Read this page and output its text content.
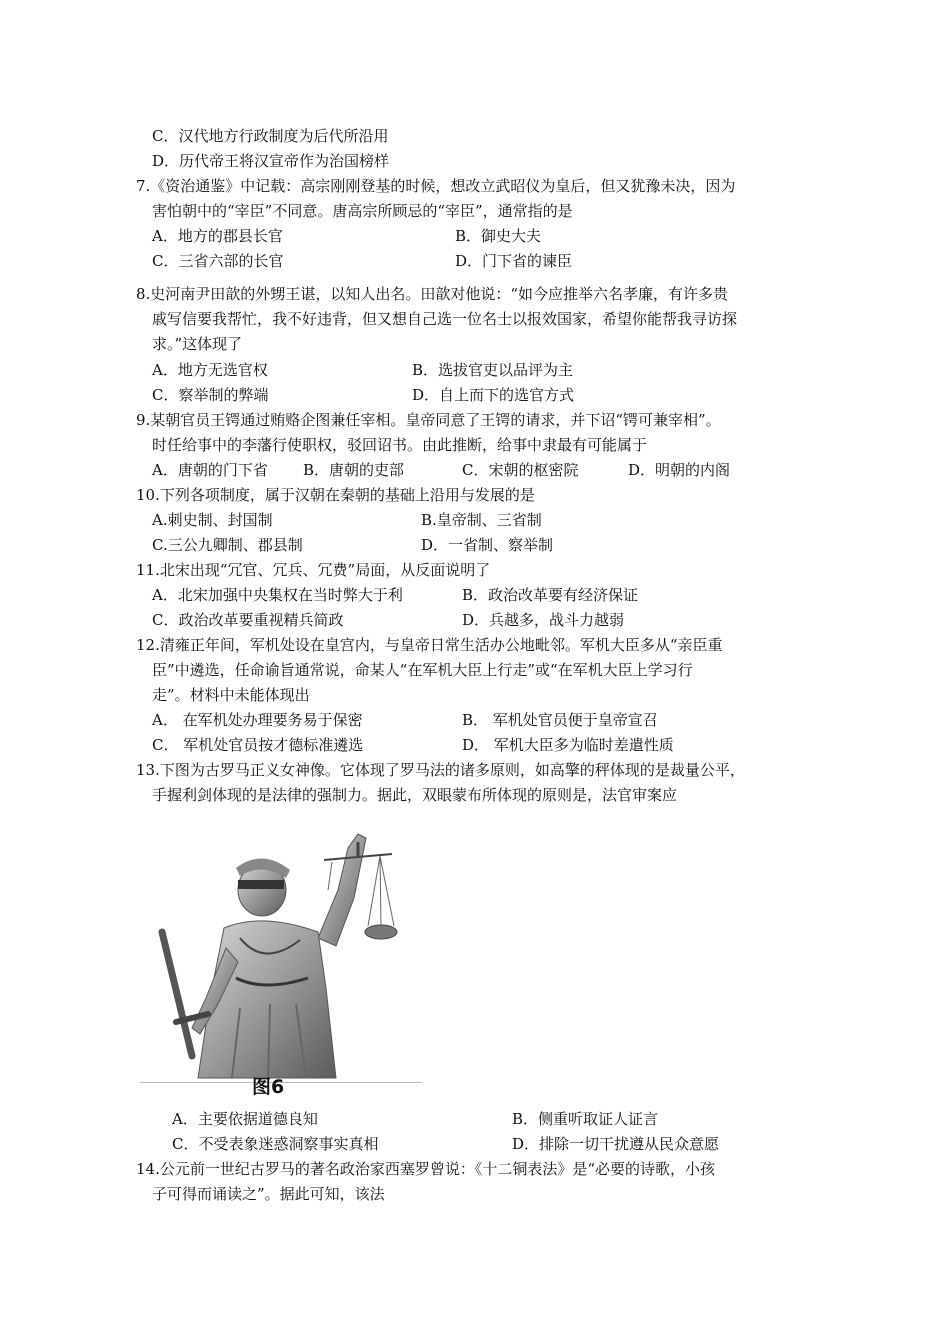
C．汉代地方行政制度为后代所沿用
D．历代帝王将汉宣帝作为治国榜样
7.《资治通鉴》中记载：高宗刚刚登基的时候，想改立武昭仪为皇后，但又犹豫未决，因为
害怕朝中的“宰臣”不同意。唐高宗所顾忌的“宰臣”，通常指的是
A．地方的郡县长官	B．御史大夫
C．三省六部的长官	D．门下省的谏臣
8.史河南尹田歆的外甥王谌，以知人出名。田歆对他说：“如今应推举六名孝廉，有许多贵
戚写信要我帮忙，我不好违背，但又想自己选一位名士以报效国家，希望你能帮我寻访探
求。”这体现了
A．地方无选官权	B．选拔官吏以品评为主
C．察举制的弊端	D．自上而下的选官方式
9.某朝官员王锷通过贿赂企图兼任宰相。皇帝同意了王锷的请求，并下诏“锷可兼宰相”。
时任给事中的李藩行使职权，驳回诏书。由此推断，给事中隶最有可能属于
A．唐朝的门下省 B．唐朝的吏部	C．宋朝的枢密院	D．明朝的内阁
10.下列各项制度，属于汉朝在秦朝的基础上沿用与发展的是
A.刺史制、封国制	B.皇帝制、三省制
C.三公九卿制、郡县制	D．一省制、察举制
11.北宋出现“冗官、冗兵、冗费”局面，从反面说明了
A．北宋加强中央集权在当时弊大于利	B．政治改革要有经济保证
C．政治改革要重视精兵简政	D．兵越多，战斗力越弱
12.清雍正年间，军机处设在皇宫内，与皇帝日常生活办公地毗邻。军机大臣多从“亲臣重
臣”中遴选，任命谕旨通常说，命某人“在军机大臣上行走”或“在军机大臣上学习行
走”。材料中未能体现出
A． 在军机处办理要务易于保密	B． 军机处官员便于皇帝宣召
C． 军机处官员按才德标准遴选	D． 军机大臣多为临时差遣性质
13.下图为古罗马正义女神像。它体现了罗马法的诸多原则，如高擎的秤体现的是裁量公平，
手握利剑体现的是法律的强制力。据此，双眼蒙布所体现的原则是，法官审案应
图6
A．主要依据道德良知	B．侧重听取证人证言
C．不受表象迷惑洞察事实真相	D．排除一切干扰遵从民众意愿
14.公元前一世纪古罗马的著名政治家西塞罗曾说：《十二铜表法》是“必要的诗歌，小孩
子可得而诵读之”。据此可知，该法
